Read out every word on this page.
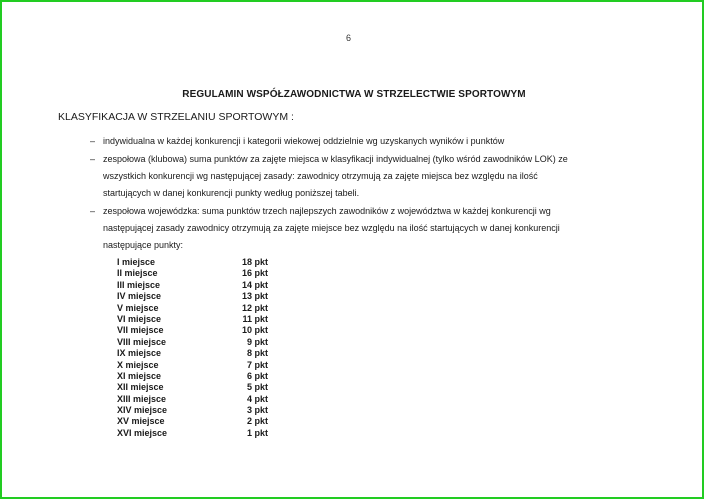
6
REGULAMIN WSPÓŁZAWODNICTWA W STRZELECTWIE SPORTOWYM
KLASYFIKACJA W STRZELANIU SPORTOWYM :
– indywidualna w każdej konkurencji i kategorii wiekowej oddzielnie wg uzyskanych wyników i punktów
– zespołowa (klubowa) suma punktów za zajęte miejsca w klasyfikacji indywidualnej (tylko wśród zawodników LOK) ze
wszystkich konkurencji wg następującej zasady: zawodnicy otrzymują za zajęte miejsca bez względu na ilość
startujących w danej konkurencji punkty według poniższej tabeli.
– zespołowa wojewódzka: suma punktów trzech najlepszych zawodników z województwa w każdej konkurencji wg
następującej zasady zawodnicy otrzymują za zajęte miejsce bez względu na ilość startujących w danej konkurencji
następujące punkty:
I miejsce	18 pkt
II miejsce	16 pkt
III miejsce	14 pkt
IV miejsce	13 pkt
V miejsce	12 pkt
VI miejsce	11 pkt
VII miejsce	10 pkt
VIII miejsce	9 pkt
IX miejsce	8 pkt
X miejsce	7 pkt
XI miejsce	6 pkt
XII miejsce	5 pkt
XIII miejsce	4 pkt
XIV miejsce	3 pkt
XV miejsce	2 pkt
XVI miejsce	1 pkt
